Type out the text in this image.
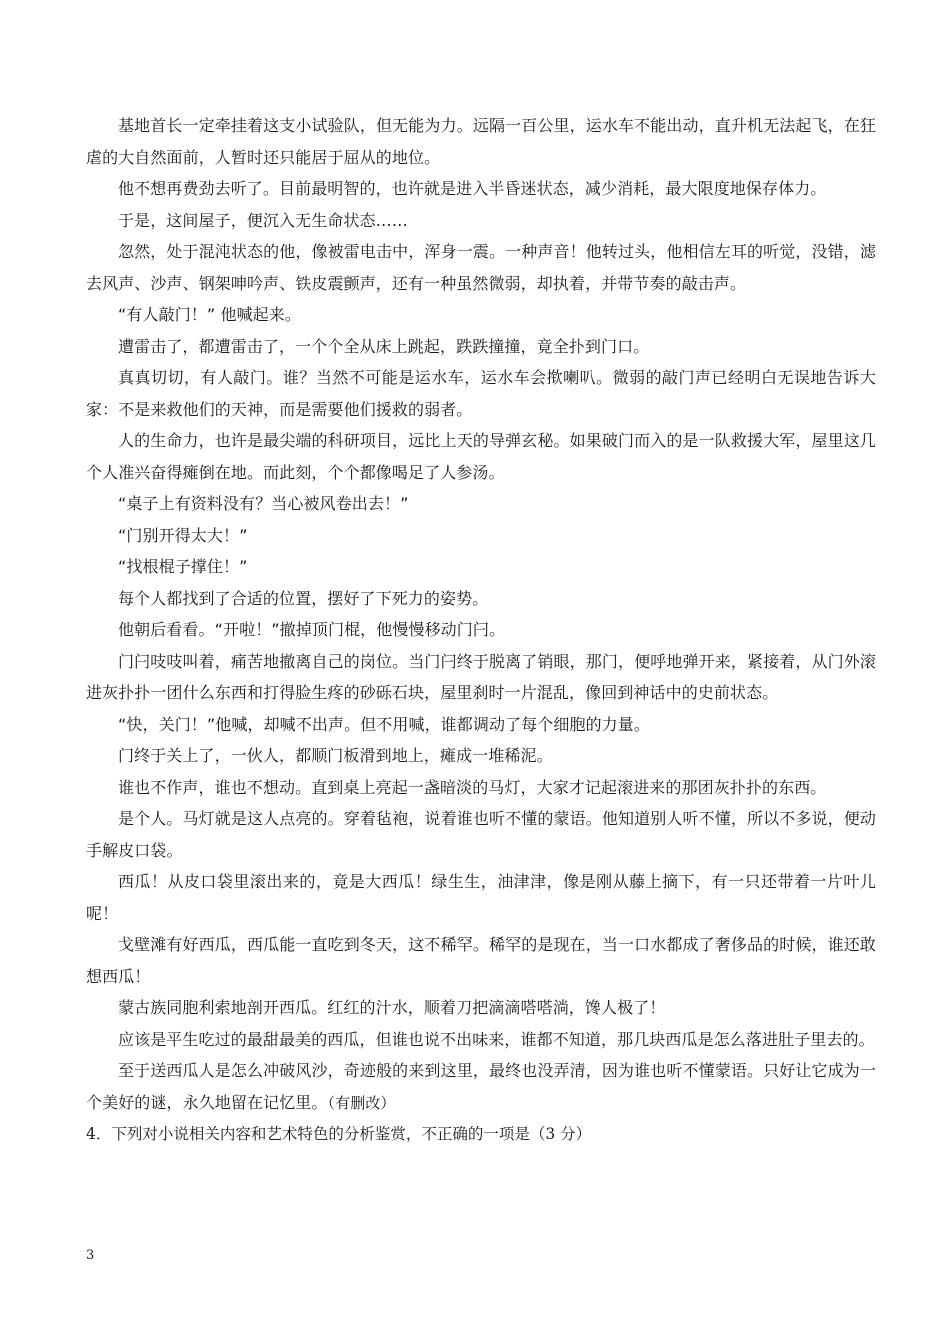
基地首长一定牵挂着这支小试验队，但无能为力。远隔一百公里，运水车不能出动，直升机无法起飞，在狂虐的大自然面前，人暂时还只能居于屈从的地位。

他不想再费劲去听了。目前最明智的，也许就是进入半昏迷状态，减少消耗，最大限度地保存体力。

于是，这间屋子，便沉入无生命状态……

忽然，处于混沌状态的他，像被雷电击中，浑身一震。一种声音！他转过头，他相信左耳的听觉，没错，滤去风声、沙声、钢架呻吟声、铁皮震颤声，还有一种虽然微弱，却执着，并带节奏的敲击声。

“有人敲门！” 他喊起来。

遭雷击了，都遭雷击了，一个个全从床上跳起，跌跌撞撞，竟全扑到门口。

真真切切，有人敲门。谁？当然不可能是运水车，运水车会揿喇叭。微弱的敲门声已经明白无误地告诉大家：不是来救他们的天神，而是需要他们援救的弱者。

人的生命力，也许是最尖端的科研项目，远比上天的导弹玄秘。如果破门而入的是一队救援大军，屋里这几个人准兴奋得瘫倒在地。而此刻，个个都像喝足了人参汤。

“桌子上有资料没有？当心被风卷出去！”

“门别开得太大！”

“找根棍子撑住！”

每个人都找到了合适的位置，摆好了下死力的姿势。

他朝后看看。“开啦！”撤掉顶门棍，他慢慢移动门闩。

门闩吱吱叫着，痛苦地撤离自己的岗位。当门闩终于脱离了销眼，那门，便呼地弹开来，紧接着，从门外滚进灰扑扑一团什么东西和打得脸生疼的砂砾石块，屋里刹时一片混乱，像回到神话中的史前状态。

“快，关门！”他喊，却喊不出声。但不用喊，谁都调动了每个细胞的力量。

门终于关上了，一伙人，都顺门板滑到地上，瘫成一堆稀泥。

谁也不作声，谁也不想动。直到桌上亮起一盏暗淡的马灯，大家才记起滚进来的那团灰扑扑的东西。

是个人。马灯就是这人点亮的。穿着毡袍，说着谁也听不懂的蒙语。他知道别人听不懂，所以不多说，便动手解皮口袋。

西瓜！从皮口袋里滚出来的，竟是大西瓜！绿生生，油津津，像是刚从藤上摘下，有一只还带着一片叶儿呢！

戈壁滩有好西瓜，西瓜能一直吃到冬天，这不稀罕。稀罕的是现在，当一口水都成了奢侈品的时候，谁还敢想西瓜！

蒙古族同胞利索地剖开西瓜。红红的汁水，顺着刀把滴滴嗒嗒淌，馋人极了！

应该是平生吃过的最甜最美的西瓜，但谁也说不出味来，谁都不知道，那几块西瓜是怎么落进肚子里去的。

至于送西瓜人是怎么冲破风沙，奇迹般的来到这里，最终也没弄清，因为谁也听不懂蒙语。只好让它成为一个美好的谜，永久地留在记忆里。（有删改）

4．下列对小说相关内容和艺术特色的分析鉴赏，不正确的一项是（3 分）

3
